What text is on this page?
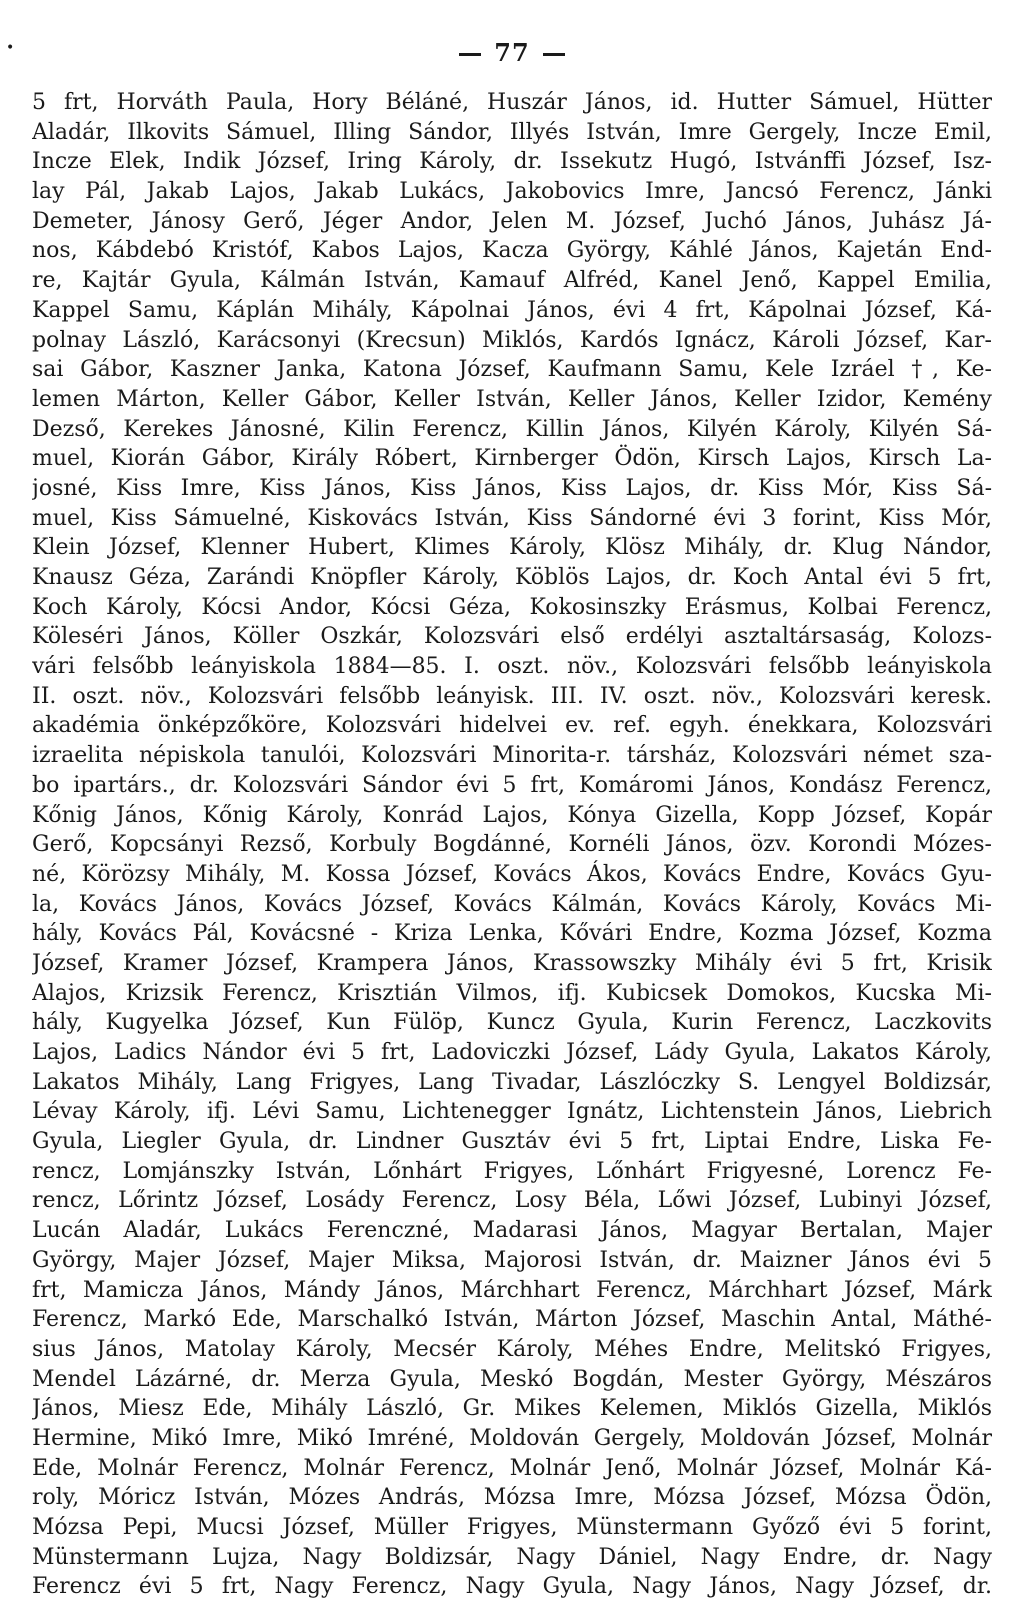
•	77
5 frt, Horváth Paula, Hory Béláné, Huszár János, id. Hutter Sámuel, Hütter
Aladár, Ilkovits Sámuel, Illing Sándor, Illyés István, Imre Gergely, Incze Emil,
Incze Elek, Indik József, Iring Károly, dr. Issekutz Hugó, Istvánffi József, Isz-
lay Pál, Jakab Lajos, Jakab Lukács, Jakobovics Imre, Jancsó Ferencz, Jánki
Demeter, Jánosy Gerő, Jéger Andor, Jelen M. József, Juchó János, Juhász Já-
nos, Kábdebó Kristóf, Kabos Lajos, Kacza György, Káhlé János, Kajetán End-
re, Kajtár Gyula, Kálmán István, Kamauf Alfréd, Kanel Jenő, Kappel Emilia,
Kappel Samu, Káplán Mihály, Kápolnai János, évi 4 frt, Kápolnai József, Ká-
polnay László, Karácsonyi (Krecsun) Miklós, Kardós Ignácz, Károli József, Kar-
sai Gábor, Kaszner Janka, Katona József, Kaufmann Samu, Kele Izráel †, Ke-
lemen Márton, Keller Gábor, Keller István, Keller János, Keller Izidor, Kemény
Dezső, Kerekes Jánosné, Kilin Ferencz, Killin János, Kilyén Károly, Kilyén Sá-
muel, Kiorán Gábor, Király Róbert, Kirnberger Ödön, Kirsch Lajos, Kirsch La-
josné, Kiss Imre, Kiss János, Kiss János, Kiss Lajos, dr. Kiss Mór, Kiss Sá-
muel, Kiss Sámuelné, Kiskovács István, Kiss Sándorné évi 3 forint, Kiss Mór,
Klein József, Klenner Hubert, Klimes Károly, Klösz Mihály, dr. Klug Nándor,
Knausz Géza, Zarándi Knöpfler Károly, Köblös Lajos, dr. Koch Antal évi 5 frt,
Koch Károly, Kócsi Andor, Kócsi Géza, Kokosinszky Erásmus, Kolbai Ferencz,
Köleséri János, Köller Oszkár, Kolozsvári első erdélyi asztaltársaság, Kolozs-
vári felsőbb leányiskola 1884—85. I. oszt. növ., Kolozsvári felsőbb leányiskola
II. oszt. növ., Kolozsvári felsőbb leányisk. III. IV. oszt. növ., Kolozsvári keresk.
akadémia önképzőköre, Kolozsvári hidelvei ev. ref. egyh. énekkara, Kolozsvári
izraelita népiskola tanulói, Kolozsvári Minorita-r. társház, Kolozsvári német sza-
bo ipartárs., dr. Kolozsvári Sándor évi 5 frt, Komáromi János, Kondász Ferencz,
Kőnig János, Kőnig Károly, Konrád Lajos, Kónya Gizella, Kopp József, Kopár
Gerő, Kopcsányi Rezső, Korbuly Bogdánné, Kornéli János, özv. Korondi Mózes-
né, Körözsy Mihály, M. Kossa József, Kovács Ákos, Kovács Endre, Kovács Gyu-
la, Kovács János, Kovács József, Kovács Kálmán, Kovács Károly, Kovács Mi-
hály, Kovács Pál, Kovácsné - Kriza Lenka, Kővári Endre, Kozma József, Kozma
József, Kramer József, Krampera János, Krassowszky Mihály évi 5 frt, Krisik
Alajos, Krizsik Ferencz, Krisztián Vilmos, ifj. Kubicsek Domokos, Kucska Mi-
hály, Kugyelka József, Kun Fülöp, Kuncz Gyula, Kurin Ferencz, Laczkovits
Lajos, Ladics Nándor évi 5 frt, Ladoviczki József, Lády Gyula, Lakatos Károly,
Lakatos Mihály, Lang Frigyes, Lang Tivadar, Lászlóczky S. Lengyel Boldizsár,
Lévay Károly, ifj. Lévi Samu, Lichtenegger Ignátz, Lichtenstein János, Liebrich
Gyula, Liegler Gyula, dr. Lindner Gusztáv évi 5 frt, Liptai Endre, Liska Fe-
rencz, Lomjánszky István, Lőnhárt Frigyes, Lőnhárt Frigyesné, Lorencz Fe-
rencz, Lőrintz József, Losády Ferencz, Losy Béla, Lőwi József, Lubinyi József,
Lucán Aladár, Lukács Ferenczné, Madarasi János, Magyar Bertalan, Majer
György, Majer József, Majer Miksa, Majorosi István, dr. Maizner János évi 5
frt, Mamicza János, Mándy János, Márchhart Ferencz, Márchhart József, Márk
Ferencz, Markó Ede, Marschalkó István, Márton József, Maschin Antal, Máthé-
sius János, Matolay Károly, Mecsér Károly, Méhes Endre, Melitskó Frigyes,
Mendel Lázárné, dr. Merza Gyula, Meskó Bogdán, Mester György, Mészáros
János, Miesz Ede, Mihály László, Gr. Mikes Kelemen, Miklós Gizella, Miklós
Hermine, Mikó Imre, Mikó Imréné, Moldován Gergely, Moldován József, Molnár
Ede, Molnár Ferencz, Molnár Ferencz, Molnár Jenő, Molnár József, Molnár Ká-
roly, Móricz István, Mózes András, Mózsa Imre, Mózsa József, Mózsa Ödön,
Mózsa Pepi, Mucsi József, Müller Frigyes, Münstermann Győző évi 5 forint,
Münstermann Lujza, Nagy Boldizsár, Nagy Dániel, Nagy Endre, dr. Nagy
Ferencz évi 5 frt, Nagy Ferencz, Nagy Gyula, Nagy János, Nagy József, dr.
